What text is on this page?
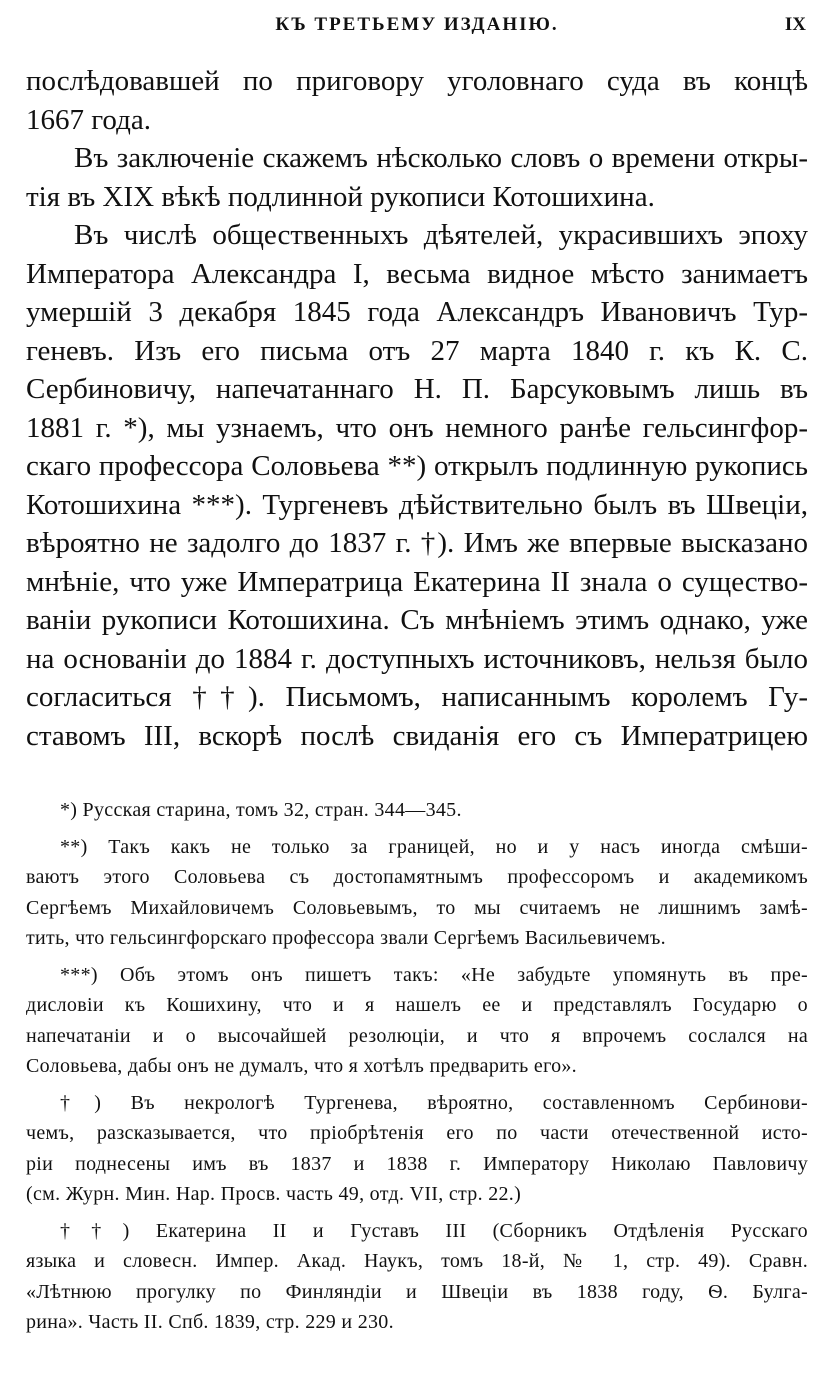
КЪ ТРЕТЬЕМУ ИЗДАНІЮ.	IX
послѣдовавшей по приговору уголовнаго суда въ концѣ
1667 года.
Въ заключеніе скажемъ нѣсколько словъ о времени откры-
тія въ XIX вѣкѣ подлинной рукописи Котошихина.
Въ числѣ общественныхъ дѣятелей, украсившихъ эпоху
Императора Александра I, весьма видное мѣсто занимаетъ
умершій 3 декабря 1845 года Александръ Ивановичъ Тур-
геневъ. Изъ его письма отъ 27 марта 1840 г. къ К. С.
Сербиновичу, напечатаннаго Н. П. Барсуковымъ лишь въ
1881 г. *), мы узнаемъ, что онъ немного ранѣе гельсингфор-
скаго профессора Соловьева **) открылъ подлинную рукопись
Котошихина ***). Тургеневъ дѣйствительно былъ въ Швеціи,
вѣроятно не задолго до 1837 г. †). Имъ же впервые высказано
мнѣніе, что уже Императрица Екатерина II знала о существо-
ваніи рукописи Котошихина. Съ мнѣніемъ этимъ однако, уже
на основаніи до 1884 г. доступныхъ источниковъ, нельзя было
согласиться ††). Письмомъ, написаннымъ королемъ Гу-
ставомъ III, вскорѣ послѣ свиданія его съ Императрицею
*) Русская старина, томъ 32, стран. 344—345.
**) Такъ какъ не только за границей, но и у насъ иногда смѣши-
ваютъ этого Соловьева съ достопамятнымъ профессоромъ и академикомъ
Сергѣемъ Михайловичемъ Соловьевымъ, то мы считаемъ не лишнимъ замѣ-
тить, что гельсингфорскаго профессора звали Сергѣемъ Васильевичемъ.
***) Объ этомъ онъ пишетъ такъ: «Не забудьте упомянуть въ пре-
дисловіи къ Кошихину, что и я нашелъ ее и представлялъ Государю о
напечатаніи и о высочайшей резолюціи, и что я впрочемъ сослался на
Соловьева, дабы онъ не думалъ, что я хотѣлъ предварить его».
†) Въ некрологѣ Тургенева, вѣроятно, составленномъ Сербинови-
чемъ, разсказывается, что пріобрѣтенія его по части отечественной исто-
ріи поднесены имъ въ 1837 и 1838 г. Императору Николаю Павловичу
(см. Журн. Мин. Нар. Просв. часть 49, отд. VII, стр. 22.)
††) Екатерина II и Густавъ III (Сборникъ Отдѣленія Русскаго
языка и словесн. Импер. Акад. Наукъ, томъ 18-й, № 1, стр. 49). Сравн.
«Лѣтнюю прогулку по Финляндіи и Швеціи въ 1838 году, Ѳ. Булга-
рина». Часть II. Спб. 1839, стр. 229 и 230.
